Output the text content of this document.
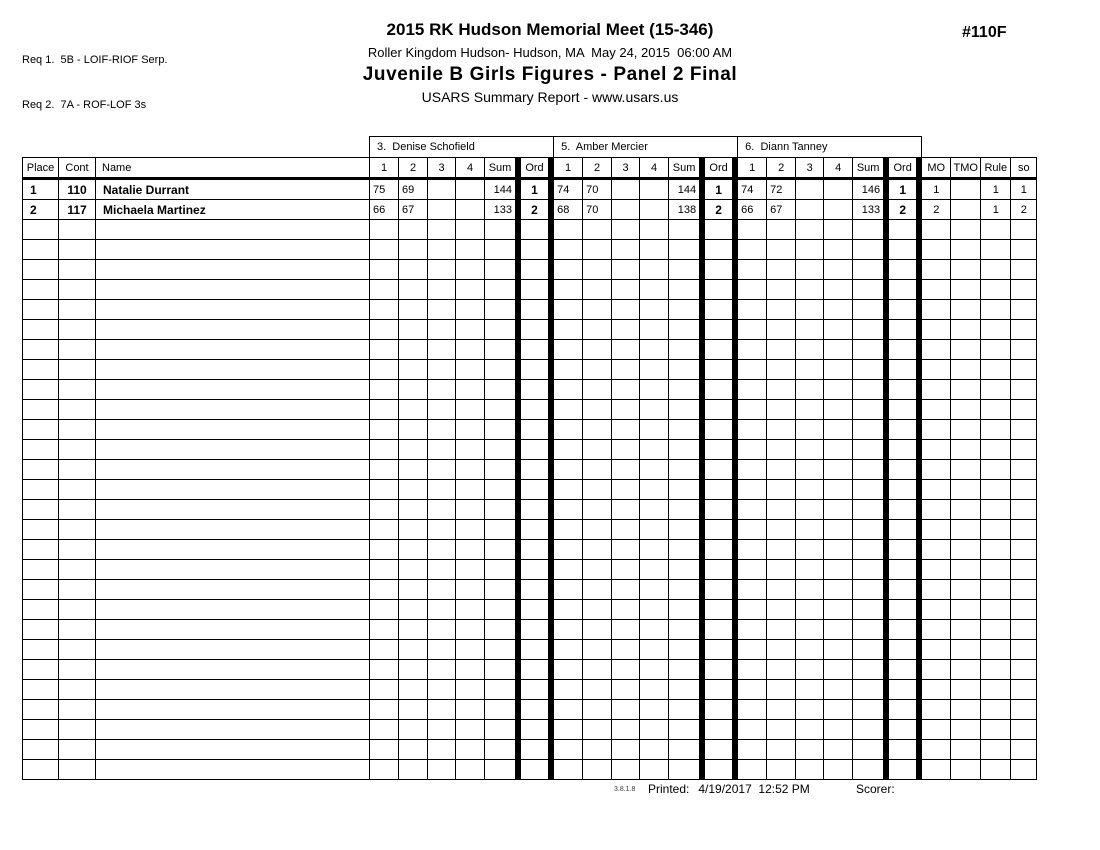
Req 1.  5B - LOIF-RIOF Serp.

Req 2.  7A - ROF-LOF 3s

2015 RK Hudson Memorial Meet (15-346)
Roller Kingdom Hudson- Hudson, MA  May 24, 2015  06:00 AM
Juvenile B Girls Figures - Panel 2 Final
USARS Summary Report - www.usars.us
#110F
			3.  Denise Schofield								5.  Amber Mercier								6.  Diann Tanney											
Place	Cont	Name	1	2	3	4	Sum		Ord		1	2	3	4	Sum		Ord		1	2	3	4	Sum		Ord		MO	TMO	Rule	so
1	110	Natalie Durrant	75	69			144		1		74	70			144		1		74	72			146		1		1		1	1
2	117	Michaela Martinez	66	67			133		2		68	70			138		2		66	67			133		2		2		1	2

3.8.1.8 Printed: 4/19/2017  12:52 PM	Scorer:
